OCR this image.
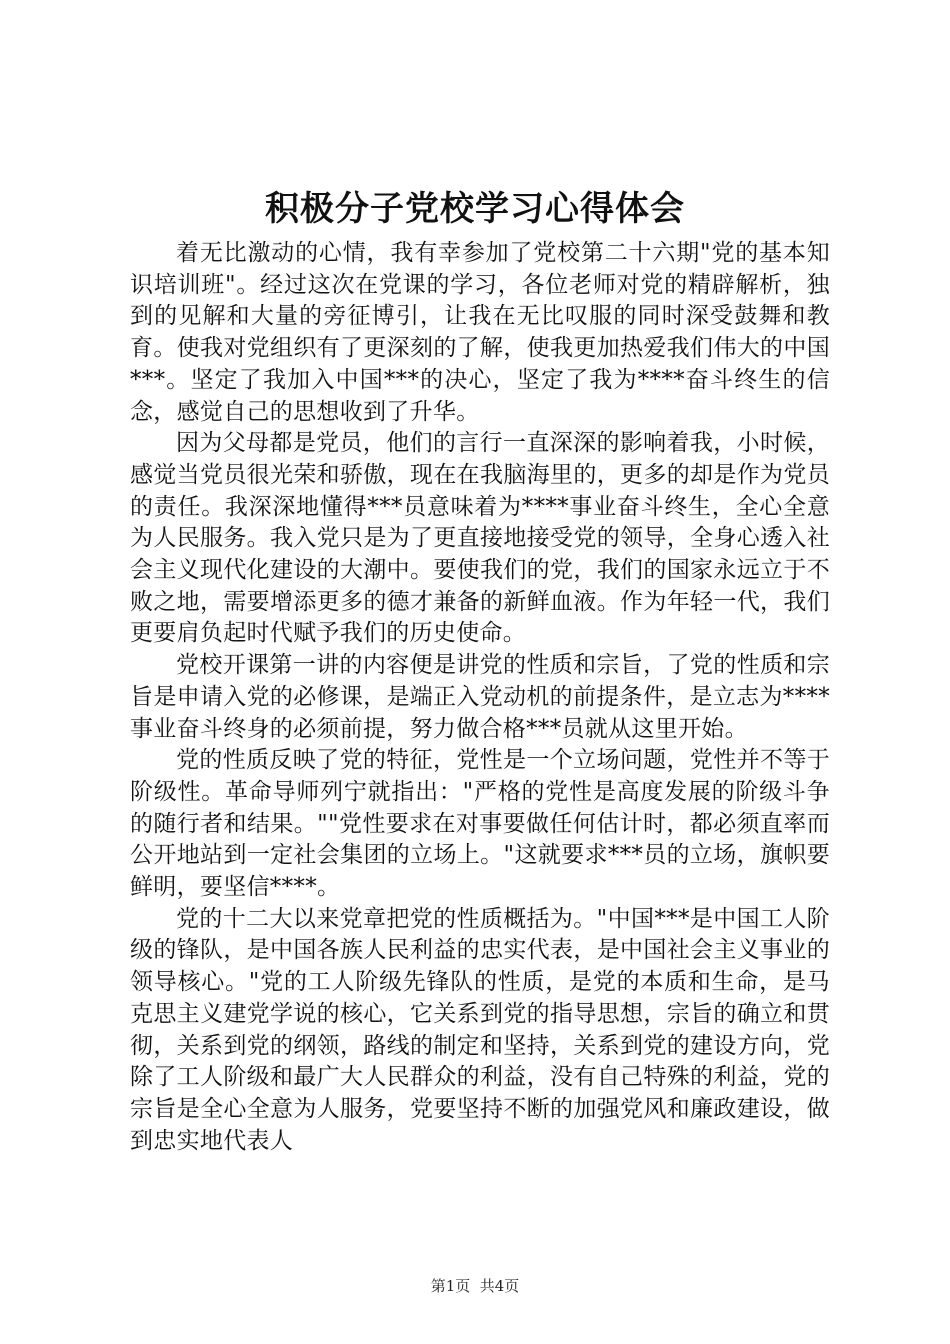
积极分子党校学习心得体会

着无比激动的心情，我有幸参加了党校第二十六期"党的基本知识培训班"。经过这次在党课的学习，各位老师对党的精辟解析，独到的见解和大量的旁征博引，让我在无比叹服的同时深受鼓舞和教育。使我对党组织有了更深刻的了解，使我更加热爱我们伟大的中国***。坚定了我加入中国***的决心，坚定了我为****奋斗终生的信念，感觉自己的思想收到了升华。

因为父母都是党员，他们的言行一直深深的影响着我，小时候，感觉当党员很光荣和骄傲，现在在我脑海里的，更多的却是作为党员的责任。我深深地懂得***员意味着为****事业奋斗终生，全心全意为人民服务。我入党只是为了更直接地接受党的领导，全身心透入社会主义现代化建设的大潮中。要使我们的党，我们的国家永远立于不败之地，需要增添更多的德才兼备的新鲜血液。作为年轻一代，我们更要肩负起时代赋予我们的历史使命。

党校开课第一讲的内容便是讲党的性质和宗旨，了党的性质和宗旨是申请入党的必修课，是端正入党动机的前提条件，是立志为****事业奋斗终身的必须前提，努力做合格***员就从这里开始。

党的性质反映了党的特征，党性是一个立场问题，党性并不等于阶级性。革命导师列宁就指出："严格的党性是高度发展的阶级斗争的随行者和结果。""党性要求在对事要做任何估计时，都必须直率而公开地站到一定社会集团的立场上。"这就要求***员的立场，旗帜要鲜明，要坚信****。

党的十二大以来党章把党的性质概括为。"中国***是中国工人阶级的锋队，是中国各族人民利益的忠实代表，是中国社会主义事业的领导核心。"党的工人阶级先锋队的性质，是党的本质和生命，是马克思主义建党学说的核心，它关系到党的指导思想，宗旨的确立和贯彻，关系到党的纲领，路线的制定和坚持，关系到党的建设方向，党除了工人阶级和最广大人民群众的利益，没有自己特殊的利益，党的宗旨是全心全意为人服务，党要坚持不断的加强党风和廉政建设，做到忠实地代表人

第1页  共4页
